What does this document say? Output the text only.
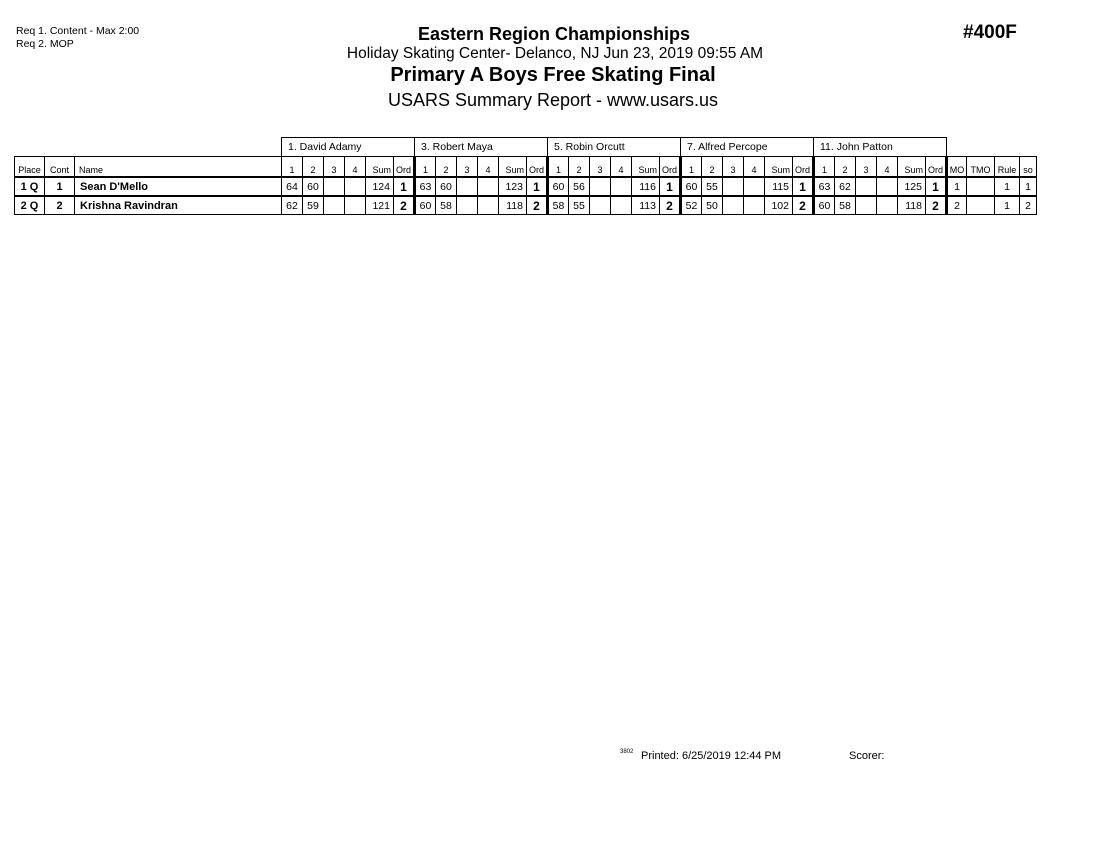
Req 1. Content - Max 2:00
Req 2. MOP
#400F
Eastern Region Championships
Holiday Skating Center- Delanco, NJ Jun 23, 2019 09:55 AM
Primary A Boys Free Skating Final
USARS Summary Report - www.usars.us
			1. David Adamy						3. Robert Maya						5. Robin Orcutt						7. Alfred Percope						11. John Patton									
Place	Cont	Name	1	2	3	4	Sum	Ord	1	2	3	4	Sum	Ord	1	2	3	4	Sum	Ord	1	2	3	4	Sum	Ord	1	2	3	4	Sum	Ord	MO	TMO	Rule	so
1 Q	1	Sean D'Mello	64	60			124	1	63	60			123	1	60	56			116	1	60	55			115	1	63	62			125	1	1		1	1
2 Q	2	Krishna Ravindran	62	59			121	2	60	58			118	2	58	55			113	2	52	50			102	2	60	58			118	2	2		1	2
3802 Printed: 6/25/2019 12:44 PM	Scorer:
